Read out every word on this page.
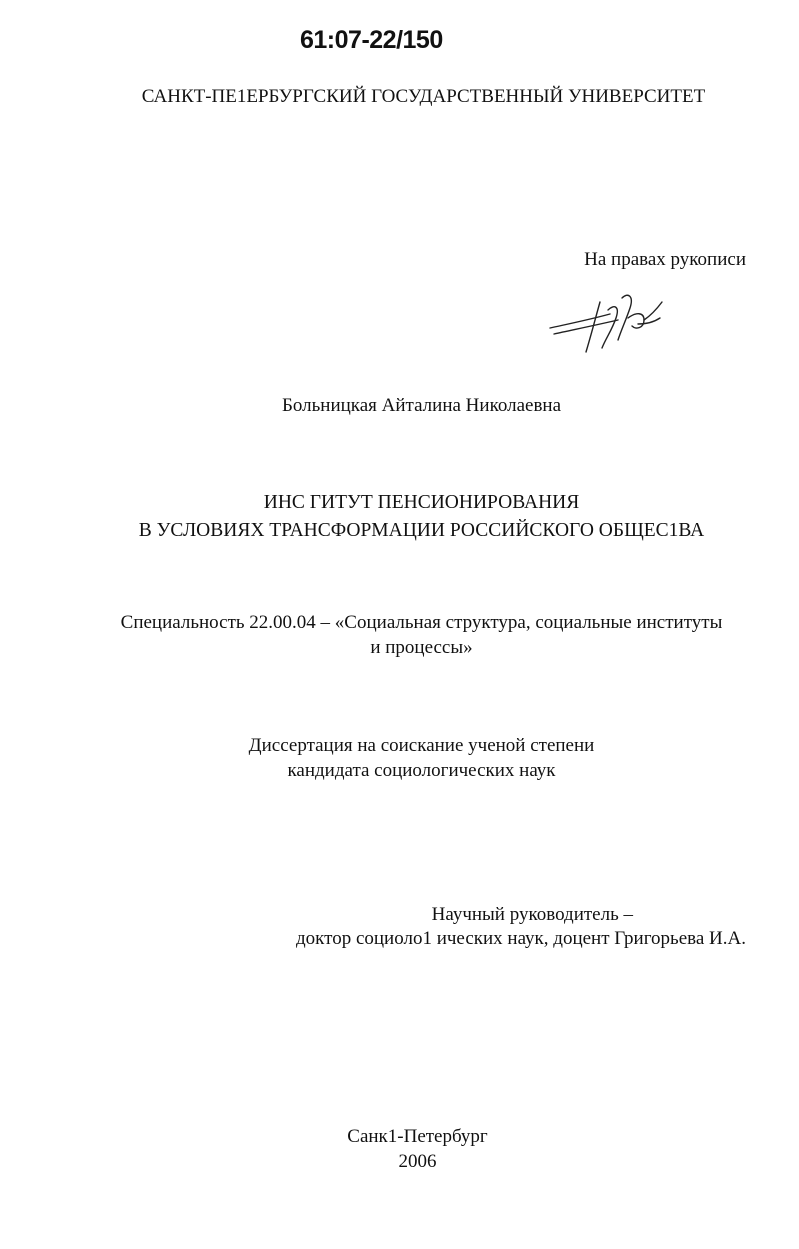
61:07-22/150
САНКТ-ПЕ1ЕРБУРГСКИЙ ГОСУДАРСТВЕННЫЙ УНИВЕРСИТЕТ
На правах рукописи
Больницкая Айталина Николаевна
ИНС ГИТУТ ПЕНСИОНИРОВАНИЯ
В УСЛОВИЯХ ТРАНСФОРМАЦИИ РОССИЙСКОГО ОБЩЕС1ВА
Специальность 22.00.04 – «Социальная структура, социальные институты
и процессы»
Диссертация на соискание ученой степени
кандидата социологических наук
Научный руководитель –
доктор социоло1 ических наук, доцент Григорьева И.А.
Санк1-Петербург
2006
